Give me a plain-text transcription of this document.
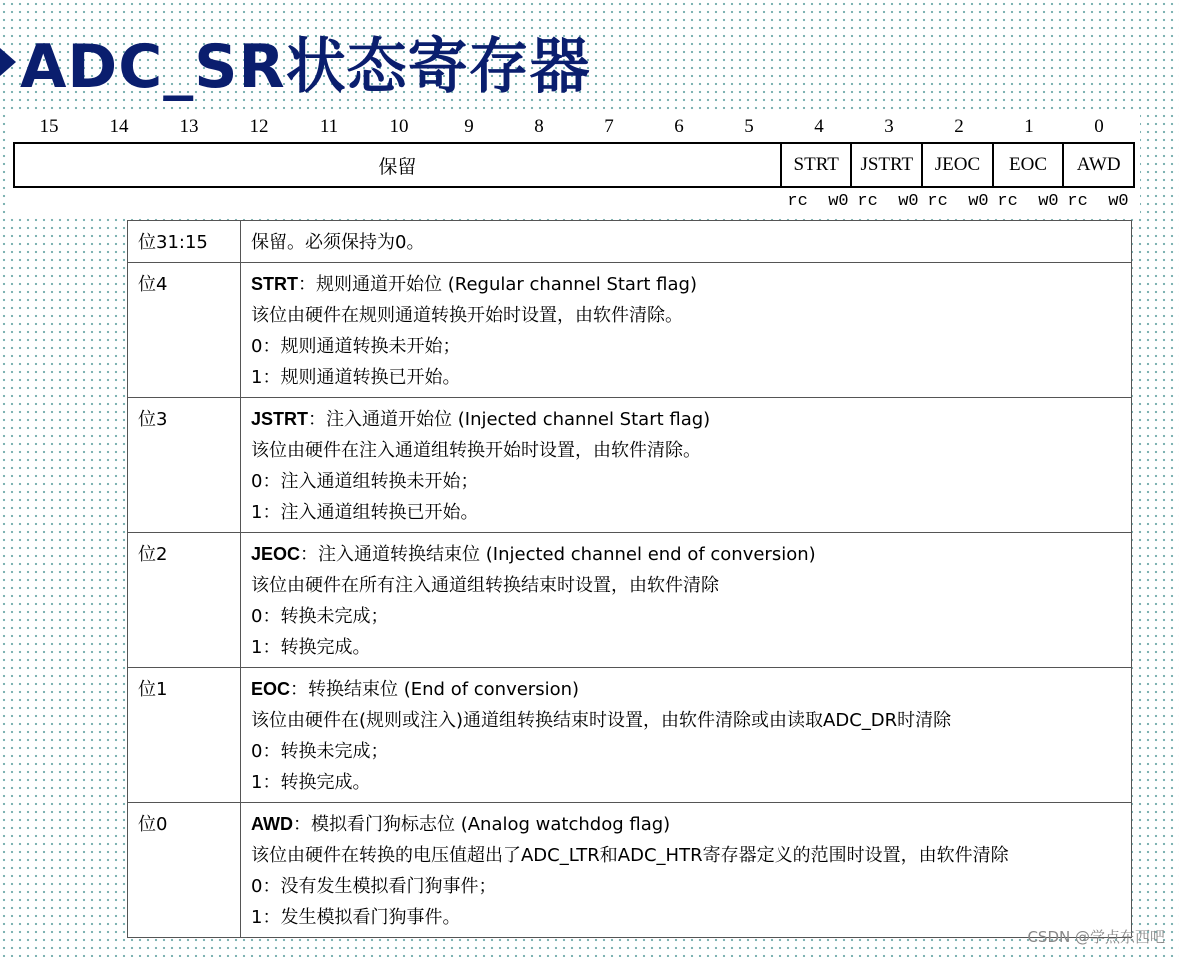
ADC_SR状态寄存器
15	14	13	12	11	10	9	8	7	6	5	4	3	2	1	0
保留	STRT	JSTRT	JEOC	EOC	AWD
rc  w0 rc  w0 rc  w0 rc  w0 rc  w0
位31:15	保留。必须保持为0。

位4	STRT：规则通道开始位 (Regular channel Start flag)
该位由硬件在规则通道转换开始时设置，由软件清除。
0：规则通道转换未开始；
1：规则通道转换已开始。

位3	JSTRT：注入通道开始位 (Injected channel Start flag)
该位由硬件在注入通道组转换开始时设置，由软件清除。
0：注入通道组转换未开始；
1：注入通道组转换已开始。

位2	JEOC：注入通道转换结束位 (Injected channel end of conversion)
该位由硬件在所有注入通道组转换结束时设置，由软件清除
0：转换未完成；
1：转换完成。

位1	EOC：转换结束位 (End of conversion)
该位由硬件在(规则或注入)通道组转换结束时设置，由软件清除或由读取ADC_DR时清除
0：转换未完成；
1：转换完成。

位0	AWD：模拟看门狗标志位 (Analog watchdog flag)
该位由硬件在转换的电压值超出了ADC_LTR和ADC_HTR寄存器定义的范围时设置，由软件清除
0：没有发生模拟看门狗事件；
1：发生模拟看门狗事件。
CSDN @学点东西吧
